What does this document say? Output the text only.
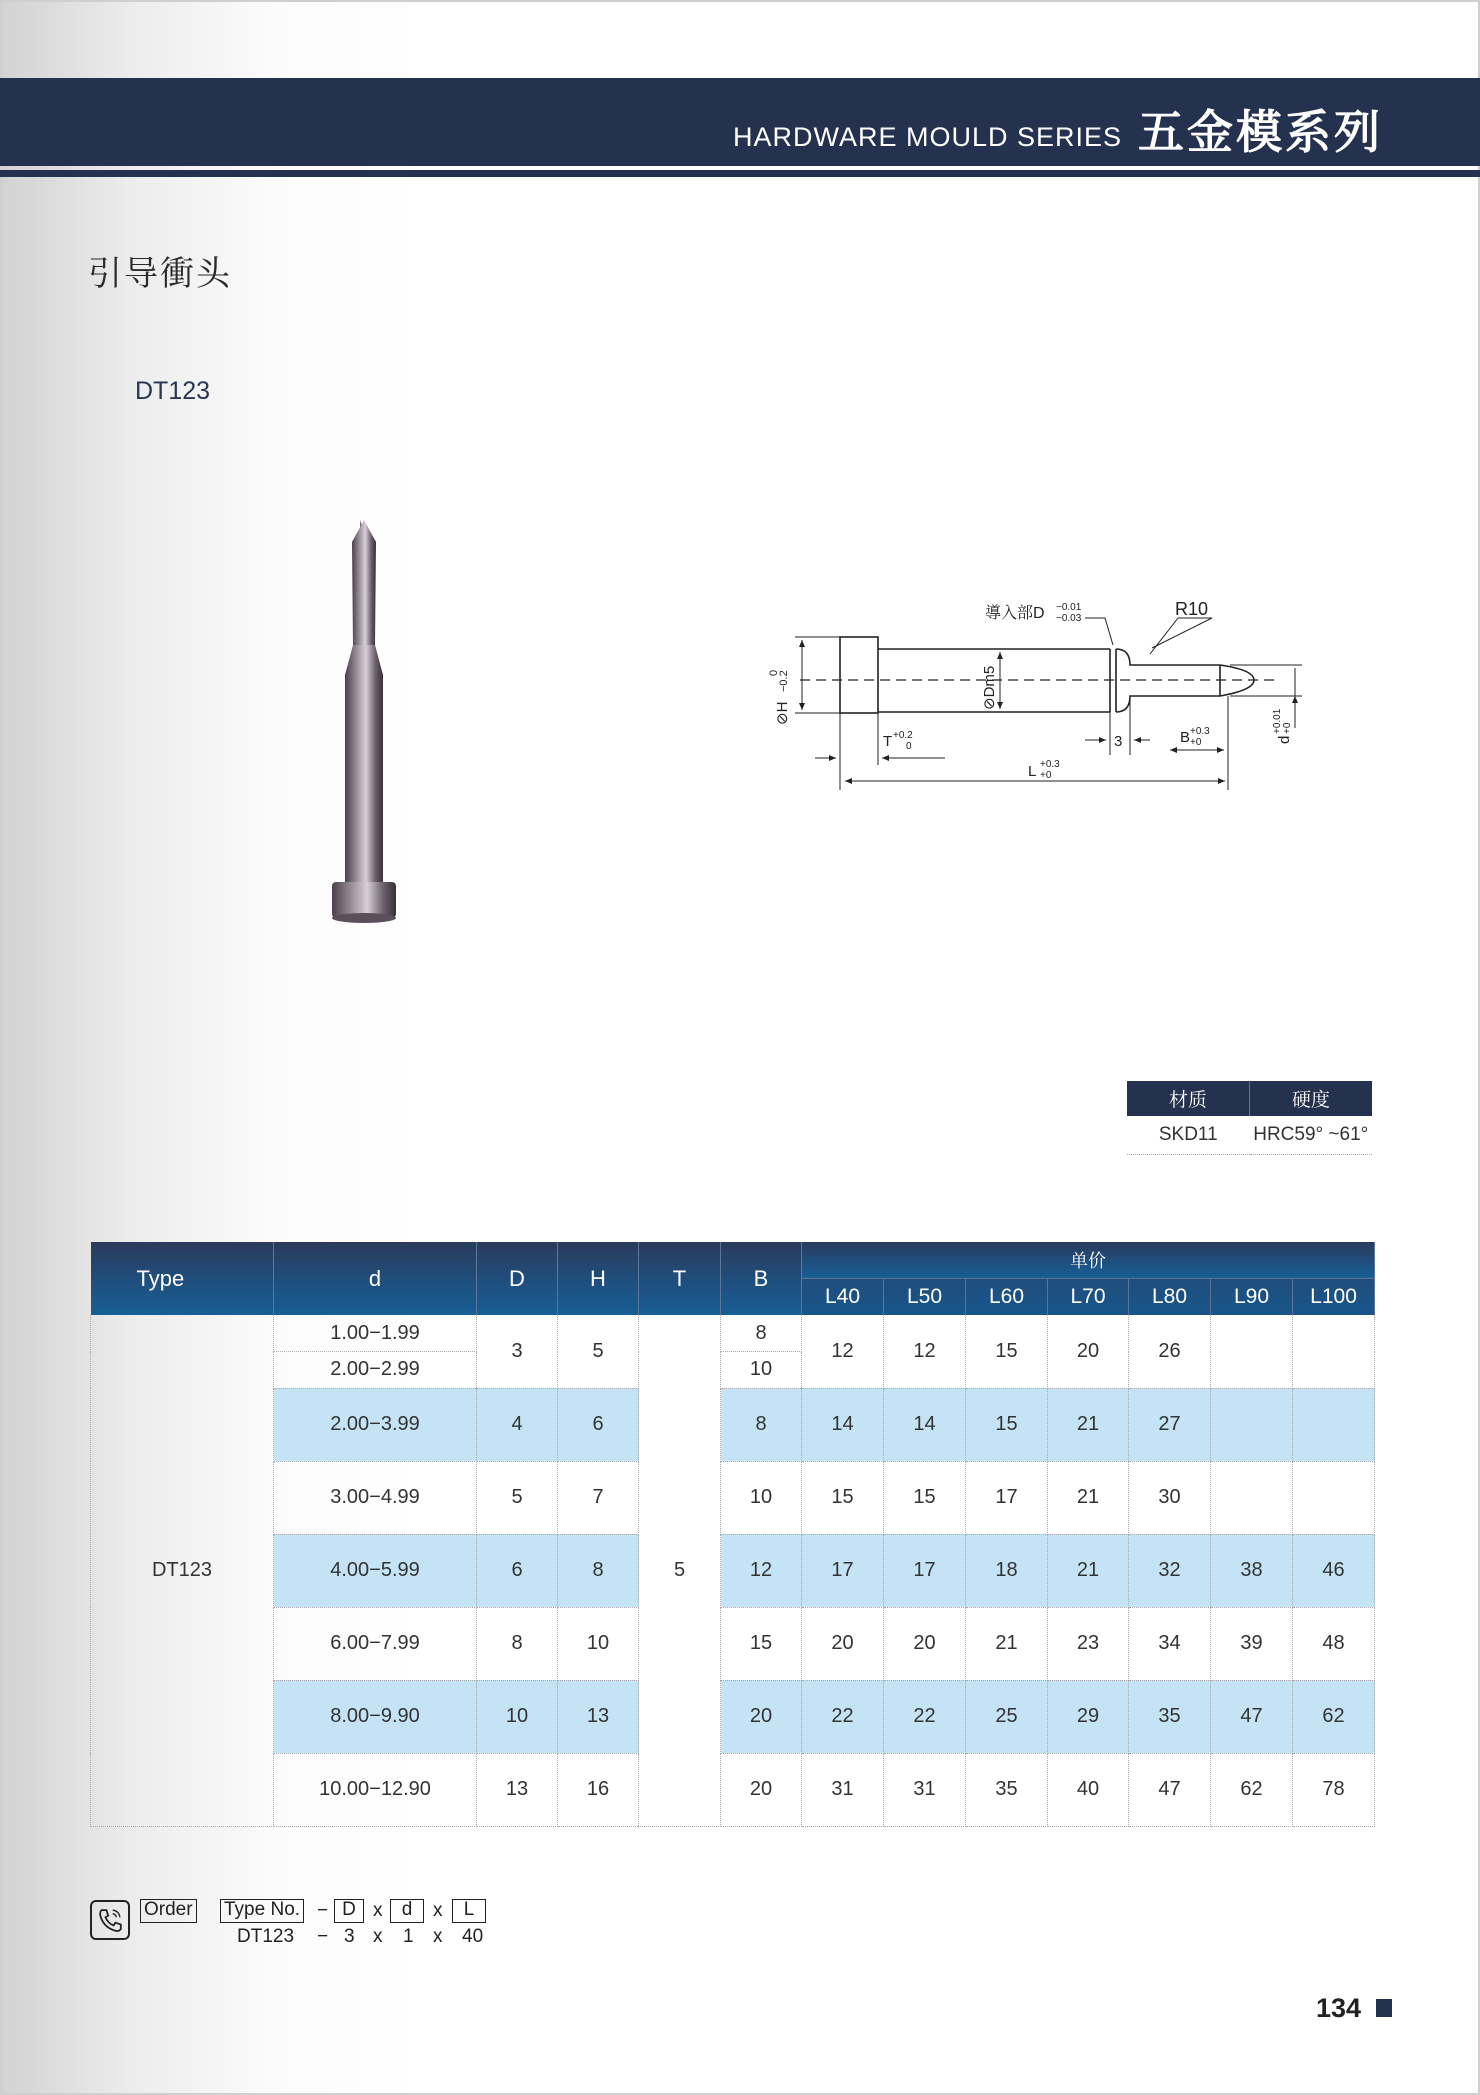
HARDWARE MOULD SERIES 五金模系列
引导衝头
DT123
導入部D −0.01
−0.03	R10
⊘H
−0.2
0	⊘Dm5
T +0.2
0
L +0.3
+0
3	B +0.3
+0	d
+0.01 +0
材质	硬度
SKD11	HRC59° ~61°
Type	d	D	H	T	B	单价						
						L40	L50	L60	L70	L80	L90	L100
DT123	1.00−1.99	3	5	5	8	12	12	15	20	26		
	2.00−2.99				10							
	2.00−3.99	4	6		8	14	14	15	21	27		
	3.00−4.99	5	7		10	15	15	17	21	30		
	4.00−5.99	6	8		12	17	17	18	21	32	38	46
	6.00−7.99	8	10		15	20	20	21	23	34	39	48
	8.00−9.90	10	13		20	22	22	25	29	35	47	62
	10.00−12.90	13	16		20	31	31	35	40	47	62	78
Order Type No. − D x	d	x	L
DT123 − 3 x 1 x 40
134
